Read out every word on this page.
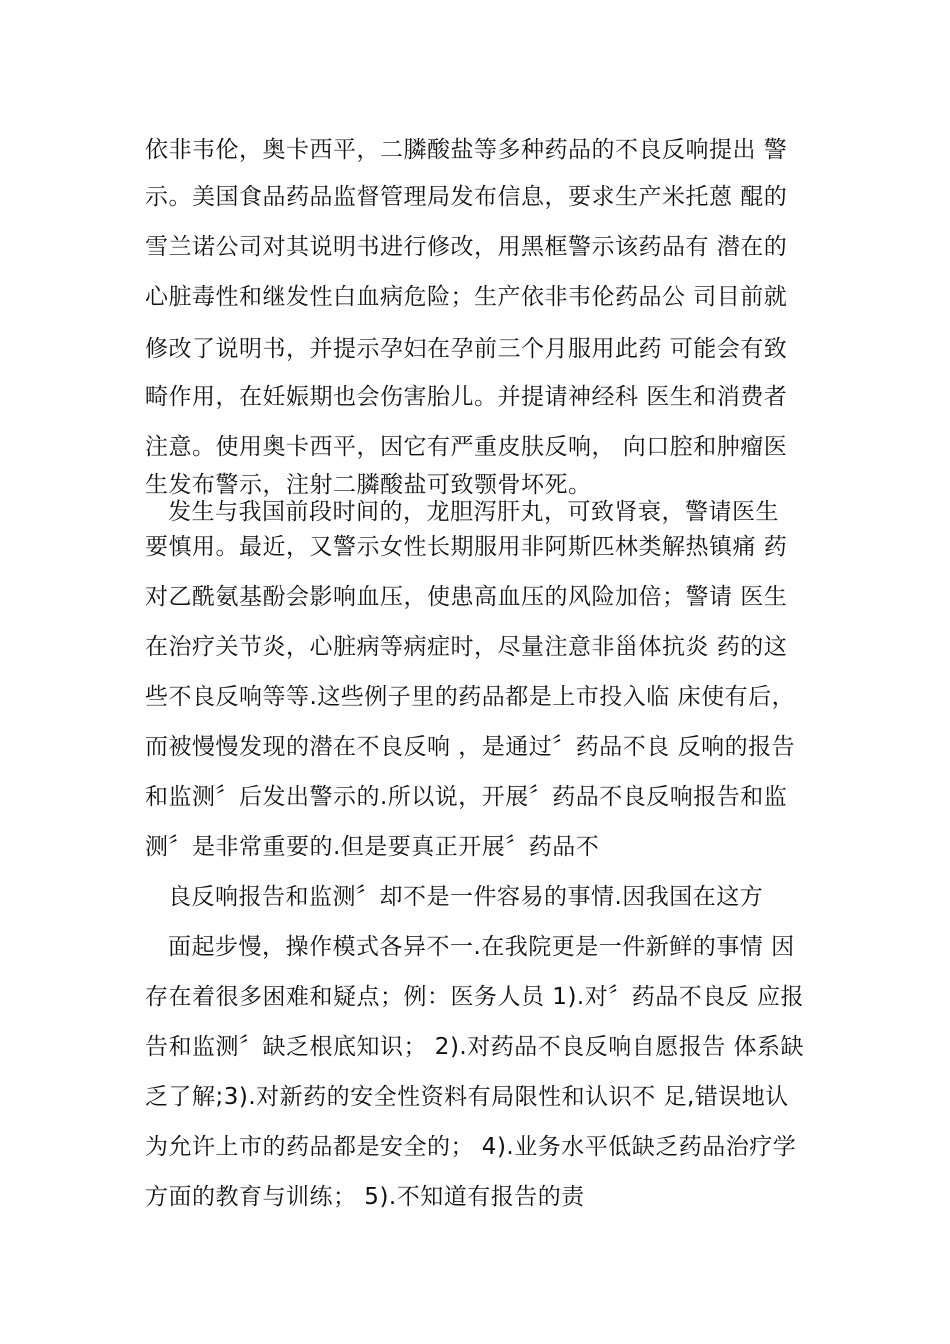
依非韦伦，奥卡西平，二膦酸盐等多种药品的不良反响提出 警
示。美国食品药品监督管理局发布信息，要求生产米托蒽 醌的
雪兰诺公司对其说明书进行修改，用黑框警示该药品有 潜在的
心脏毒性和继发性白血病危险；生产依非韦伦药品公 司目前就
修改了说明书，并提示孕妇在孕前三个月服用此药 可能会有致
畸作用，在妊娠期也会伤害胎儿。并提请神经科 医生和消费者
注意。使用奥卡西平，因它有严重皮肤反响， 向口腔和肿瘤医
生发布警示，注射二膦酸盐可致颚骨坏死。
发生与我国前段时间的，龙胆泻肝丸，可致肾衰，警请医生
要慎用。最近，又警示女性长期服用非阿斯匹林类解热镇痛 药
对乙酰氨基酚会影响血压，使患高血压的风险加倍；警请 医生
在治疗关节炎，心脏病等病症时，尽量注意非甾体抗炎 药的这
些不良反响等等.这些例子里的药品都是上市投入临 床使有后，
而被慢慢发现的潜在不良反响 ，是通过〞药品不良 反响的报告
和监测〞后发出警示的.所以说，开展〞药品不良反响报告和监
测〞是非常重要的.但是要真正开展〞药品不
良反响报告和监测〞却不是一件容易的事情.因我国在这方
面起步慢，操作模式各异不一.在我院更是一件新鲜的事情 因
存在着很多困难和疑点；例：医务人员 1).对〞药品不良反 应报
告和监测〞缺乏根底知识； 2).对药品不良反响自愿报告 体系缺
乏了解;3).对新药的安全性资料有局限性和认识不 足,错误地认
为允许上市的药品都是安全的； 4).业务水平低缺乏药品治疗学
方面的教育与训练； 5).不知道有报告的责
